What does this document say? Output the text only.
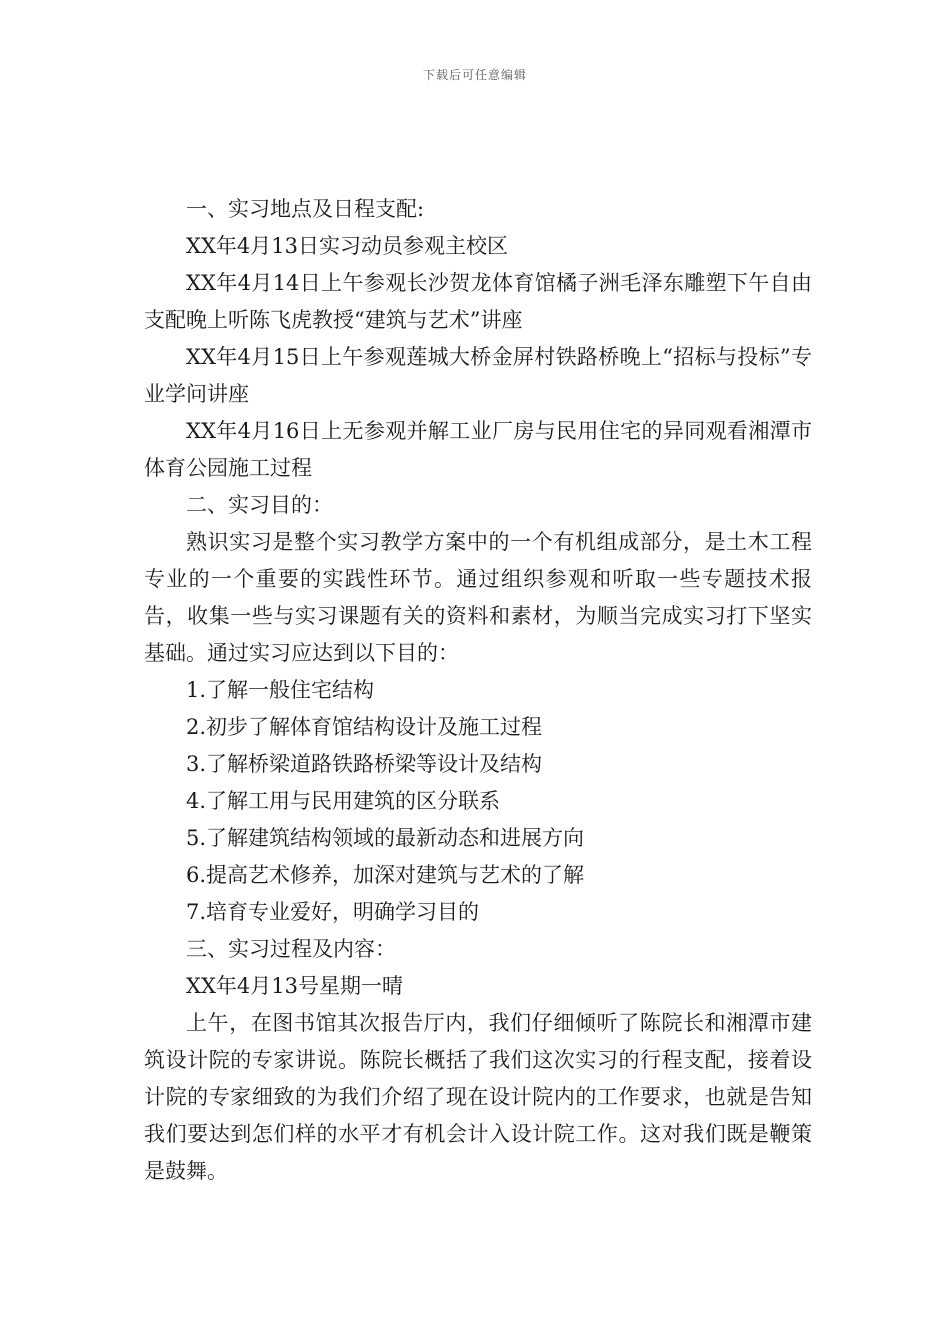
下载后可任意编辑

一、实习地点及日程支配:

XX年4月13日实习动员参观主校区

XX年4月14日上午参观长沙贺龙体育馆橘子洲毛泽东雕塑下午自由支配晚上听陈飞虎教授“建筑与艺术”讲座

XX年4月15日上午参观莲城大桥金屏村铁路桥晚上“招标与投标”专业学问讲座

XX年4月16日上无参观并解工业厂房与民用住宅的异同观看湘潭市体育公园施工过程

二、实习目的：

熟识实习是整个实习教学方案中的一个有机组成部分，是土木工程专业的一个重要的实践性环节。通过组织参观和听取一些专题技术报告，收集一些与实习课题有关的资料和素材，为顺当完成实习打下坚实基础。通过实习应达到以下目的：

1.了解一般住宅结构

2.初步了解体育馆结构设计及施工过程

3.了解桥梁道路铁路桥梁等设计及结构

4.了解工用与民用建筑的区分联系

5.了解建筑结构领域的最新动态和进展方向

6.提高艺术修养，加深对建筑与艺术的了解

7.培育专业爱好，明确学习目的

三、实习过程及内容：

XX年4月13号星期一晴

上午，在图书馆其次报告厅内，我们仔细倾听了陈院长和湘潭市建筑设计院的专家讲说。陈院长概括了我们这次实习的行程支配，接着设计院的专家细致的为我们介绍了现在设计院内的工作要求，也就是告知我们要达到怎们样的水平才有机会计入设计院工作。这对我们既是鞭策是鼓舞。
